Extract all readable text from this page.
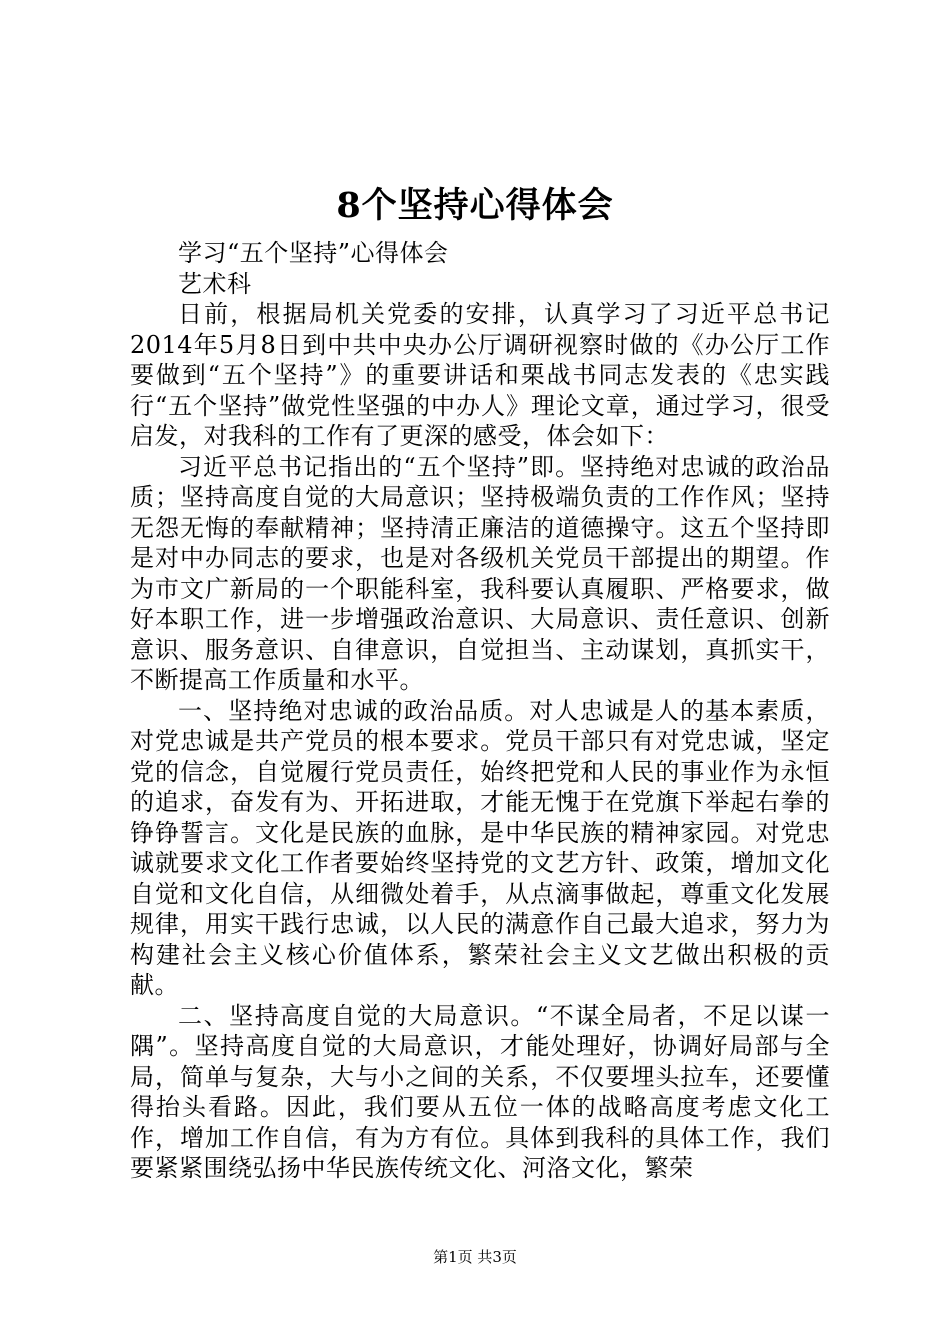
8个坚持心得体会

学习“五个坚持”心得体会

艺术科

日前，根据局机关党委的安排，认真学习了习近平总书记2014年5月8日到中共中央办公厅调研视察时做的《办公厅工作要做到“五个坚持”》的重要讲话和栗战书同志发表的《忠实践行“五个坚持”做党性坚强的中办人》理论文章，通过学习，很受启发，对我科的工作有了更深的感受，体会如下：

习近平总书记指出的“五个坚持”即。坚持绝对忠诚的政治品质；坚持高度自觉的大局意识；坚持极端负责的工作作风；坚持无怨无悔的奉献精神；坚持清正廉洁的道德操守。这五个坚持即是对中办同志的要求，也是对各级机关党员干部提出的期望。作为市文广新局的一个职能科室，我科要认真履职、严格要求，做好本职工作，进一步增强政治意识、大局意识、责任意识、创新意识、服务意识、自律意识，自觉担当、主动谋划，真抓实干，不断提高工作质量和水平。

一、坚持绝对忠诚的政治品质。对人忠诚是人的基本素质，对党忠诚是共产党员的根本要求。党员干部只有对党忠诚，坚定党的信念，自觉履行党员责任，始终把党和人民的事业作为永恒的追求，奋发有为、开拓进取，才能无愧于在党旗下举起右拳的铮铮誓言。文化是民族的血脉，是中华民族的精神家园。对党忠诚就要求文化工作者要始终坚持党的文艺方针、政策，增加文化自觉和文化自信，从细微处着手，从点滴事做起，尊重文化发展规律，用实干践行忠诚，以人民的满意作自己最大追求，努力为构建社会主义核心价值体系，繁荣社会主义文艺做出积极的贡献。

二、坚持高度自觉的大局意识。“不谋全局者，不足以谋一隅”。坚持高度自觉的大局意识，才能处理好，协调好局部与全局，简单与复杂，大与小之间的关系，不仅要埋头拉车，还要懂得抬头看路。因此，我们要从五位一体的战略高度考虑文化工作，增加工作自信，有为方有位。具体到我科的具体工作，我们要紧紧围绕弘扬中华民族传统文化、河洛文化，繁荣

第1页 共3页
